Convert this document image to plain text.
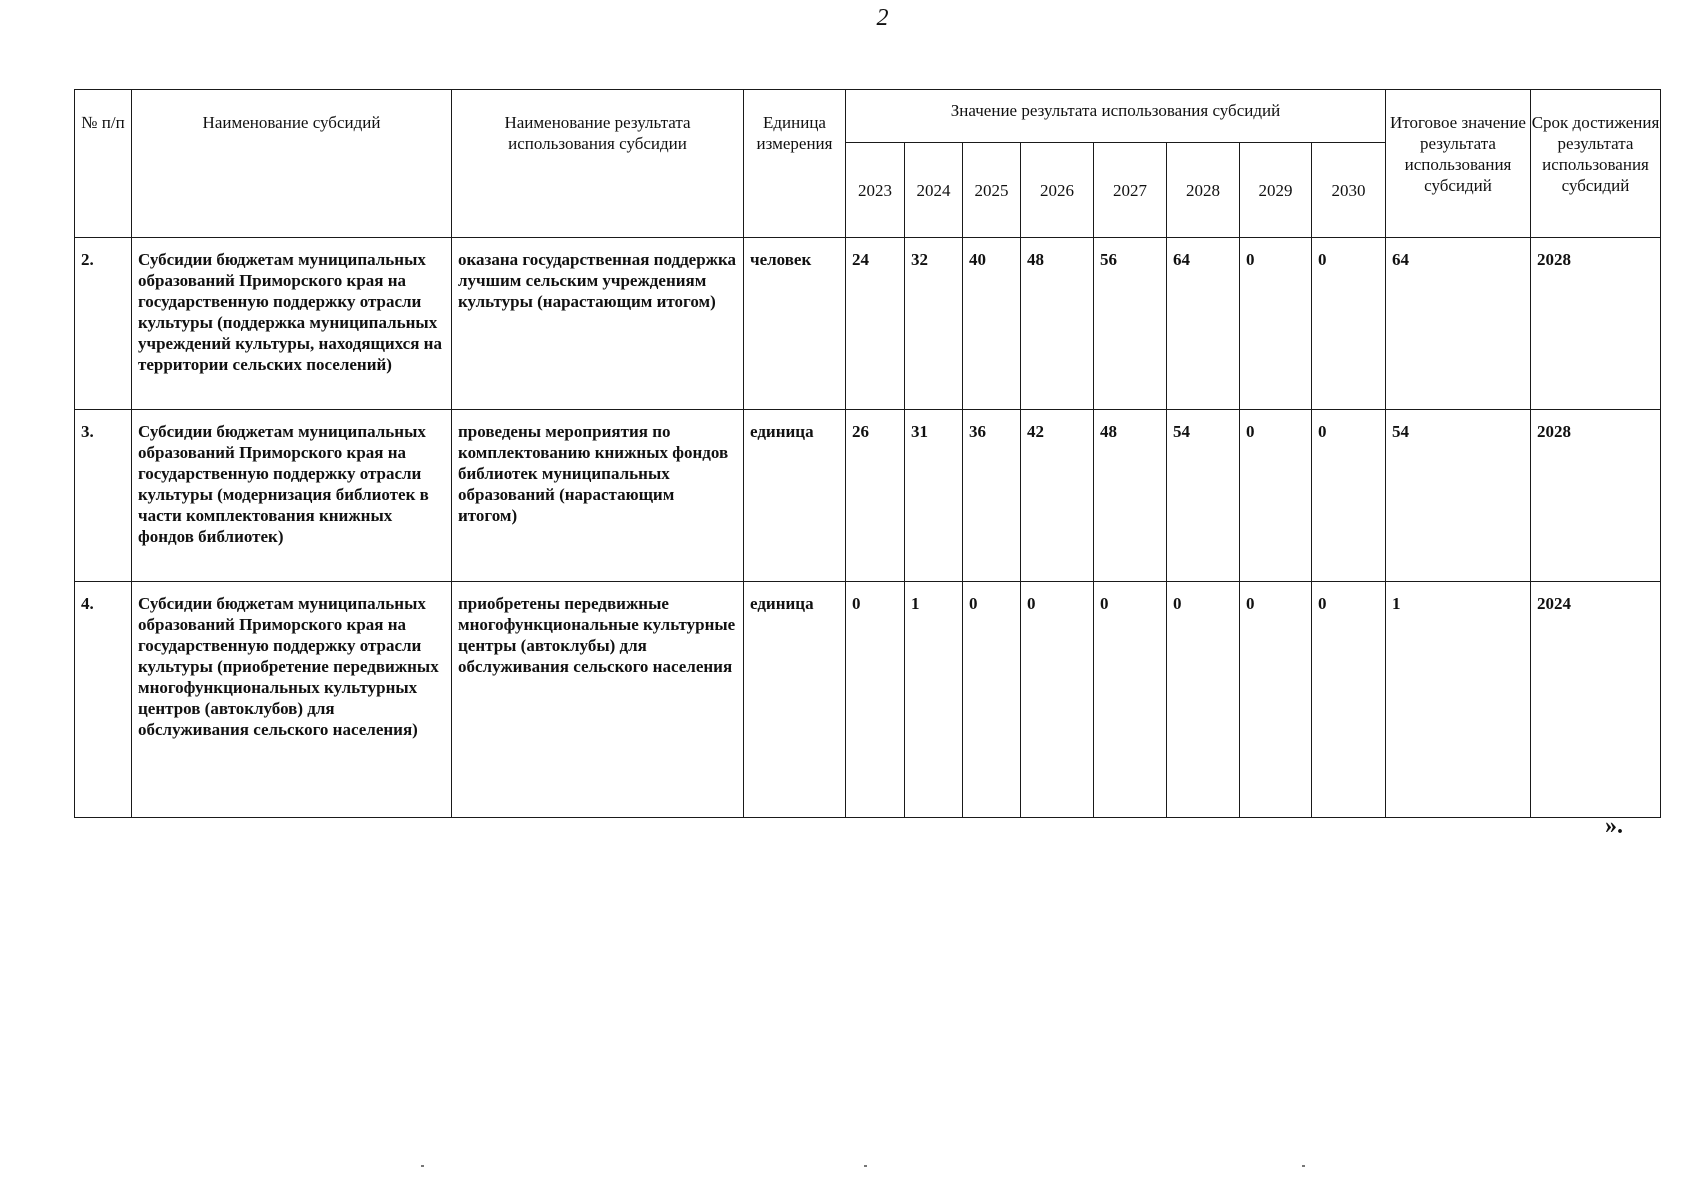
2
№ п/п	Наименование субсидий	Наименование результата использования субсидии	Единица измерения	Значение результата использования субсидий								Итоговое значение результата использования субсидий	Срок достижения результата использования субсидий
				2023	2024	2025	2026	2027	2028	2029	2030		
2.	Субсидии бюджетам муниципальных образований Приморского края на государственную поддержку отрасли культуры (поддержка муниципальных учреждений культуры, находящихся на территории сельских поселений)	оказана государственная поддержка лучшим сельским учреждениям культуры (нарастающим итогом)	человек	24	32	40	48	56	64	0	0	64	2028
3.	Субсидии бюджетам муниципальных образований Приморского края на государственную поддержку отрасли культуры (модернизация библиотек в части комплектования книжных фондов библиотек)	проведены мероприятия по комплектованию книжных фондов библиотек муниципальных образований (нарастающим итогом)	единица	26	31	36	42	48	54	0	0	54	2028
4.	Субсидии бюджетам муниципальных образований Приморского края на государственную поддержку отрасли культуры (приобретение передвижных многофункциональных культурных центров (автоклубов) для обслуживания сельского населения)	приобретены передвижные многофункциональные культурные центры (автоклубы) для обслуживания сельского населения	единица	0	1	0	0	0	0	0	0	1	2024
».
